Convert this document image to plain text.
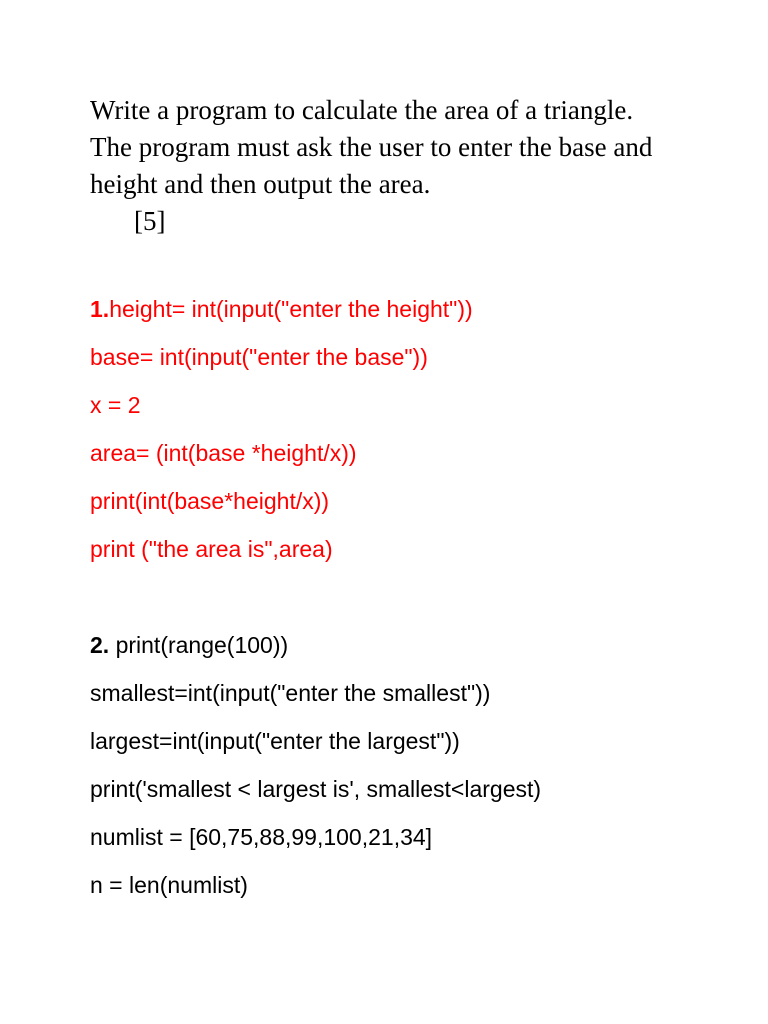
Write a program to calculate the area of a triangle.
The program must ask the user to enter the base and
height and then output the area.
[5]
1.height= int(input("enter the height"))
base= int(input("enter the base"))
x = 2
area= (int(base *height/x))
print(int(base*height/x))
print ("the area is",area)
2. print(range(100))
smallest=int(input("enter the smallest"))
largest=int(input("enter the largest"))
print('smallest < largest is', smallest<largest)
numlist = [60,75,88,99,100,21,34]
n = len(numlist)
